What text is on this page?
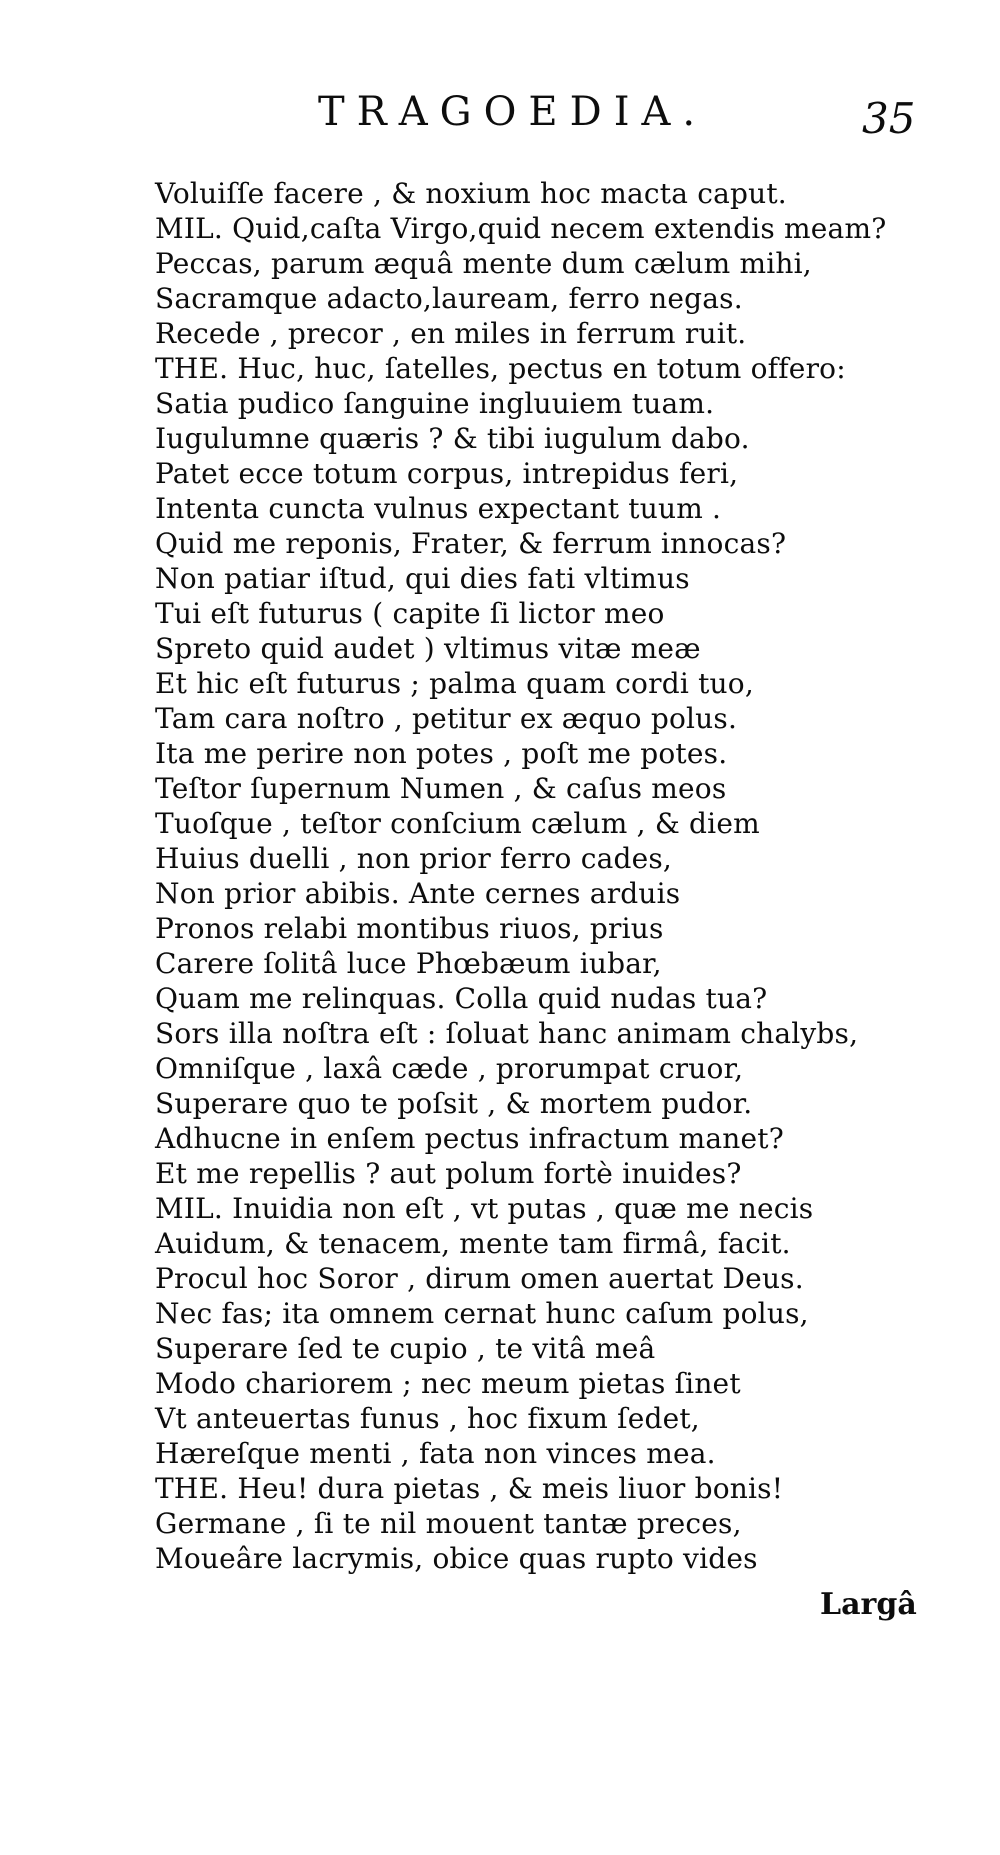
TRAGOEDIA.	35
Voluiſſe facere , & noxium hoc macta caput.
MIL. Quid,caſta Virgo,quid necem extendis meam?
Peccas, parum æquâ mente dum cælum mihi,
Sacramque adacto,lauream, ferro negas.
Recede , precor , en miles in ferrum ruit.
THE. Huc, huc, ſatelles, pectus en totum offero:
Satia pudico ſanguine ingluuiem tuam.
Iugulumne quæris ? & tibi iugulum dabo.
Patet ecce totum corpus, intrepidus feri,
Intenta cuncta vulnus expectant tuum .
Quid me reponis, Frater, & ferrum innocas?
Non patiar iſtud, qui dies fati vltimus
Tui eſt futurus ( capite ſi lictor meo
Spreto quid audet ) vltimus vitæ meæ
Et hic eſt futurus ; palma quam cordi tuo,
Tam cara noſtro , petitur ex æquo polus.
Ita me perire non potes , poſt me potes.
Teſtor ſupernum Numen , & caſus meos
Tuoſque , teſtor conſcium cælum , & diem
Huius duelli , non prior ferro cades,
Non prior abibis. Ante cernes arduis
Pronos relabi montibus riuos, prius
Carere ſolitâ luce Phœbæum iubar,
Quam me relinquas. Colla quid nudas tua?
Sors illa noſtra eſt : ſoluat hanc animam chalybs,
Omniſque , laxâ cæde , prorumpat cruor,
Superare quo te poſsit , & mortem pudor.
Adhucne in enſem pectus infractum manet?
Et me repellis ? aut polum fortè inuides?
MIL. Inuidia non eſt , vt putas , quæ me necis
Auidum, & tenacem, mente tam firmâ, facit.
Procul hoc Soror , dirum omen auertat Deus.
Nec fas; ita omnem cernat hunc caſum polus,
Superare ſed te cupio , te vitâ meâ
Modo chariorem ; nec meum pietas ſinet
Vt anteuertas funus , hoc fixum ſedet,
Hæreſque menti , fata non vinces mea.
THE. Heu! dura pietas , & meis liuor bonis!
Germane , ſi te nil mouent tantæ preces,
Moueâre lacrymis, obice quas rupto vides
Largâ
